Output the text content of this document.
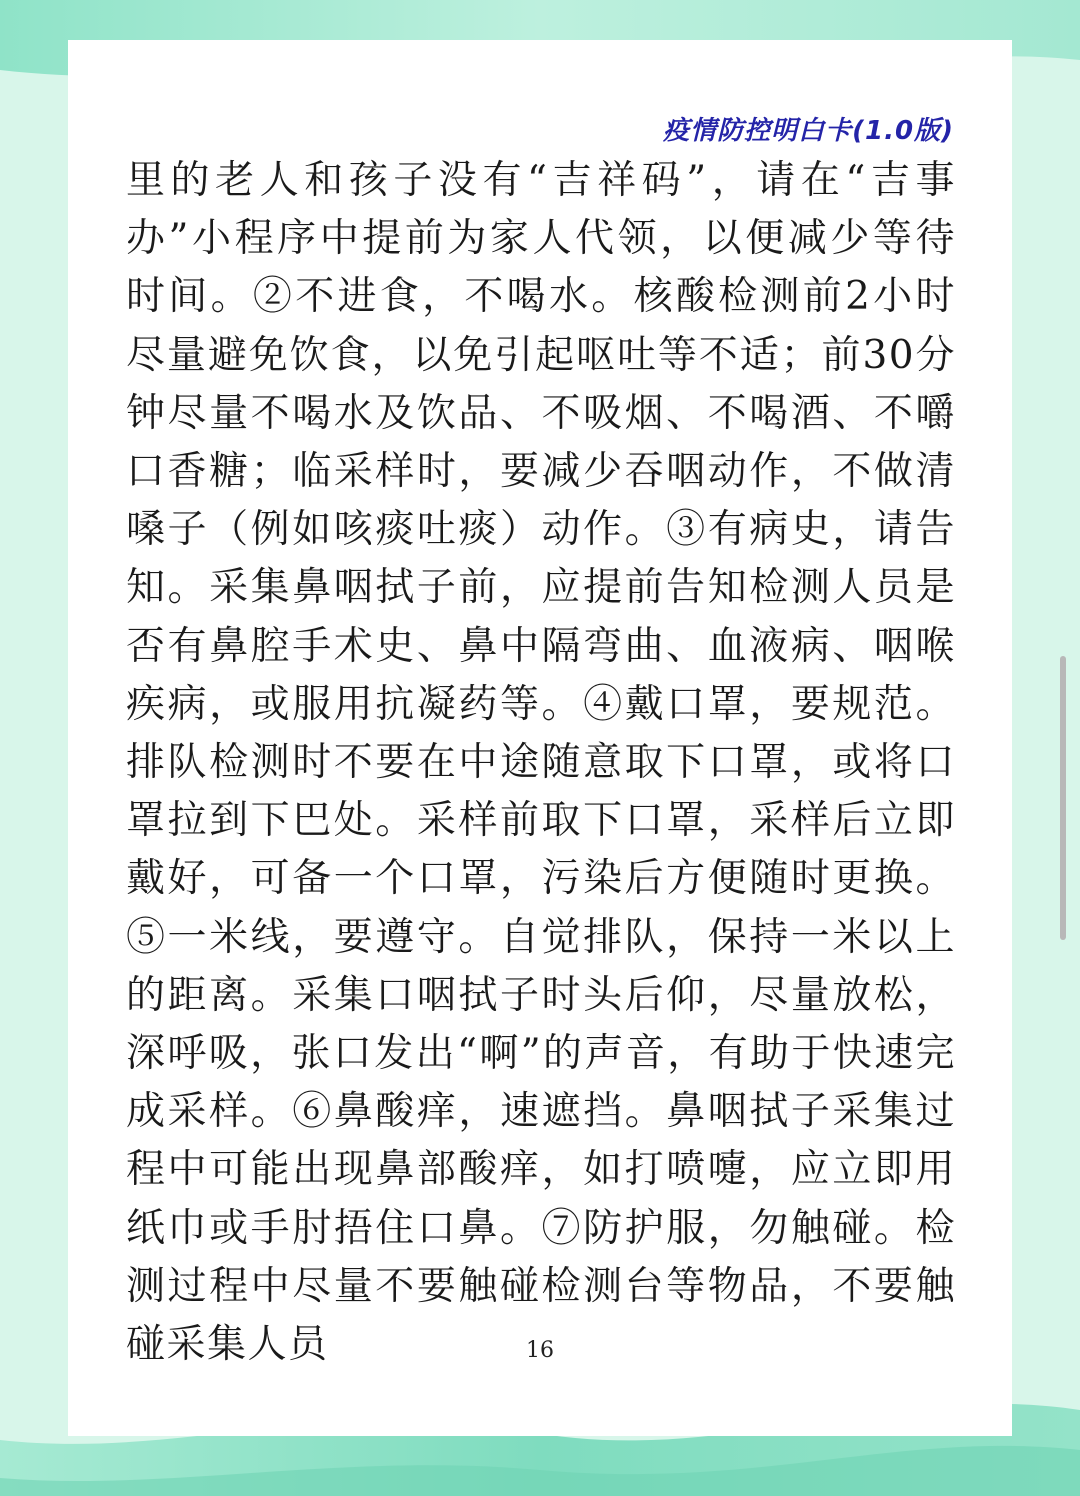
疫情防控明白卡(1.0版)

里的老人和孩子没有“吉祥码”，请在“吉事办”小程序中提前为家人代领，以便减少等待时间。②不进食，不喝水。核酸检测前2小时尽量避免饮食，以免引起呕吐等不适；前30分钟尽量不喝水及饮品、不吸烟、不喝酒、不嚼口香糖；临采样时，要减少吞咽动作，不做清嗓子（例如咳痰吐痰）动作。③有病史，请告知。采集鼻咽拭子前，应提前告知检测人员是否有鼻腔手术史、鼻中隔弯曲、血液病、咽喉疾病，或服用抗凝药等。④戴口罩，要规范。排队检测时不要在中途随意取下口罩，或将口罩拉到下巴处。采样前取下口罩，采样后立即戴好，可备一个口罩，污染后方便随时更换。⑤一米线，要遵守。自觉排队，保持一米以上的距离。采集口咽拭子时头后仰，尽量放松，深呼吸，张口发出“啊”的声音，有助于快速完成采样。⑥鼻酸痒，速遮挡。鼻咽拭子采集过程中可能出现鼻部酸痒，如打喷嚏，应立即用纸巾或手肘捂住口鼻。⑦防护服，勿触碰。检测过程中尽量不要触碰检测台等物品，不要触碰采集人员	16
